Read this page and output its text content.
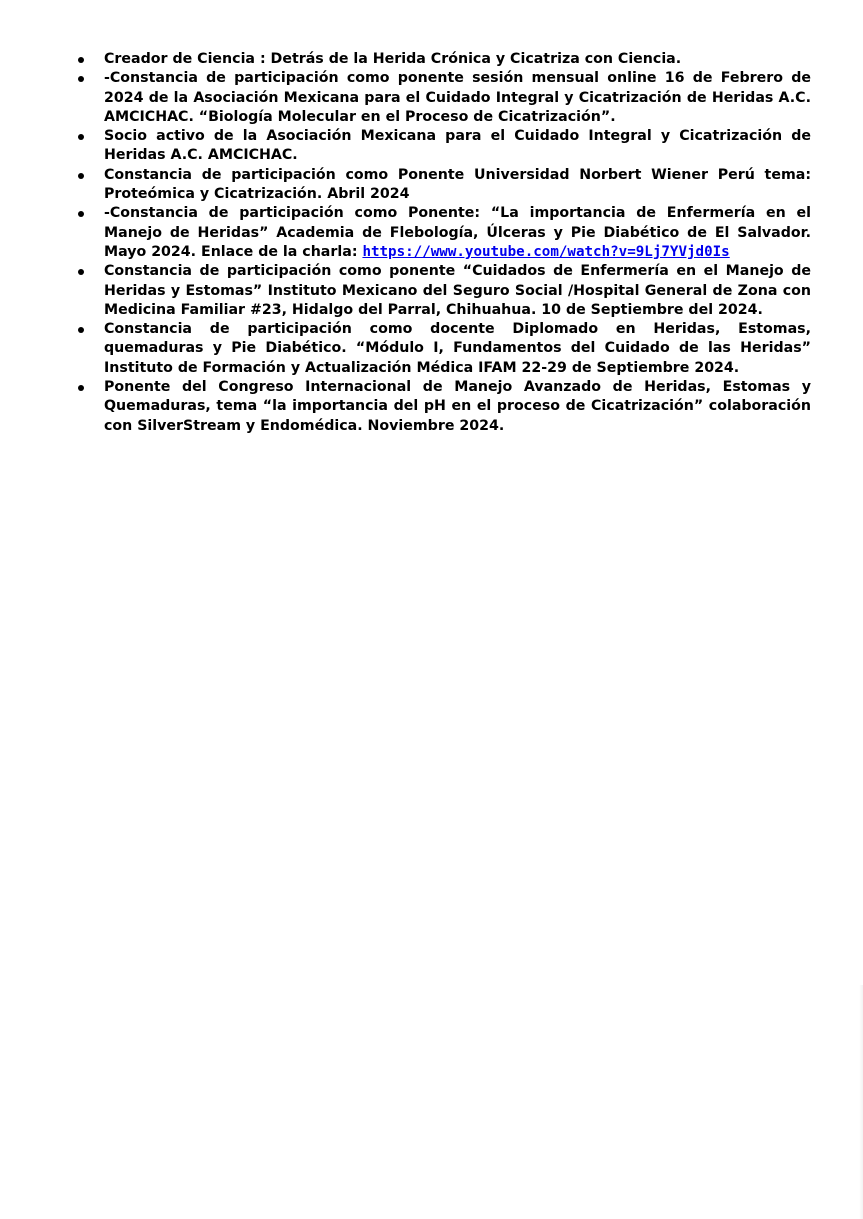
Creador de Ciencia : Detrás de la Herida Crónica y Cicatriza con Ciencia.
-Constancia de participación como ponente sesión mensual online 16 de Febrero de 2024 de la Asociación Mexicana para el Cuidado Integral y Cicatrización de Heridas A.C. AMCICHAC. “Biología Molecular en el Proceso de Cicatrización”.
Socio activo de la Asociación Mexicana para el Cuidado Integral y Cicatrización de Heridas A.C. AMCICHAC.
Constancia de participación como Ponente Universidad Norbert Wiener Perú tema: Proteómica y Cicatrización. Abril 2024
-Constancia de participación como Ponente: “La importancia de Enfermería en el Manejo de Heridas” Academia de Flebología, Úlceras y Pie Diabético de El Salvador. Mayo 2024. Enlace de la charla: https://www.youtube.com/watch?v=9Lj7YVjd0Is
Constancia de participación como ponente “Cuidados de Enfermería en el Manejo de Heridas y Estomas” Instituto Mexicano del Seguro Social /Hospital General de Zona con Medicina Familiar #23, Hidalgo del Parral, Chihuahua. 10 de Septiembre del 2024.
Constancia de participación como docente Diplomado en Heridas, Estomas, quemaduras y Pie Diabético. “Módulo I, Fundamentos del Cuidado de las Heridas” Instituto de Formación y Actualización Médica IFAM 22-29 de Septiembre 2024.
Ponente del Congreso Internacional de Manejo Avanzado de Heridas, Estomas y Quemaduras, tema “la importancia del pH en el proceso de Cicatrización” colaboración con SilverStream y Endomédica. Noviembre 2024.
